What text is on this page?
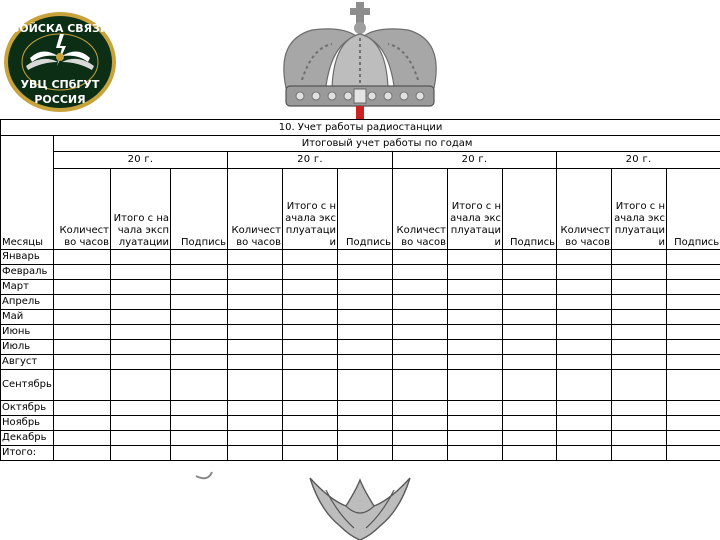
ВОЙСКА СВЯЗИ
УВЦ СПбГУТ
РОССИЯ
10. Учет работы радиостанции												
Месяцы	Итоговый учет работы по годам											
	20 г.			20 г.			20 г.			20 г.		
	Количество часов	Итого с начала эксплуатации	Подпись	Количество часов	Итого с начала эксплуатации	Подпись	Количество часов	Итого с начала эксплуатации	Подпись	Количество часов	Итого с начала эксплуатации	Подпись
Январь												
Февраль												
Март												
Апрель												
Май												
Июнь												
Июль												
Август												
Сентябрь												
Октябрь												
Ноябрь												
Декабрь												
Итого:												
